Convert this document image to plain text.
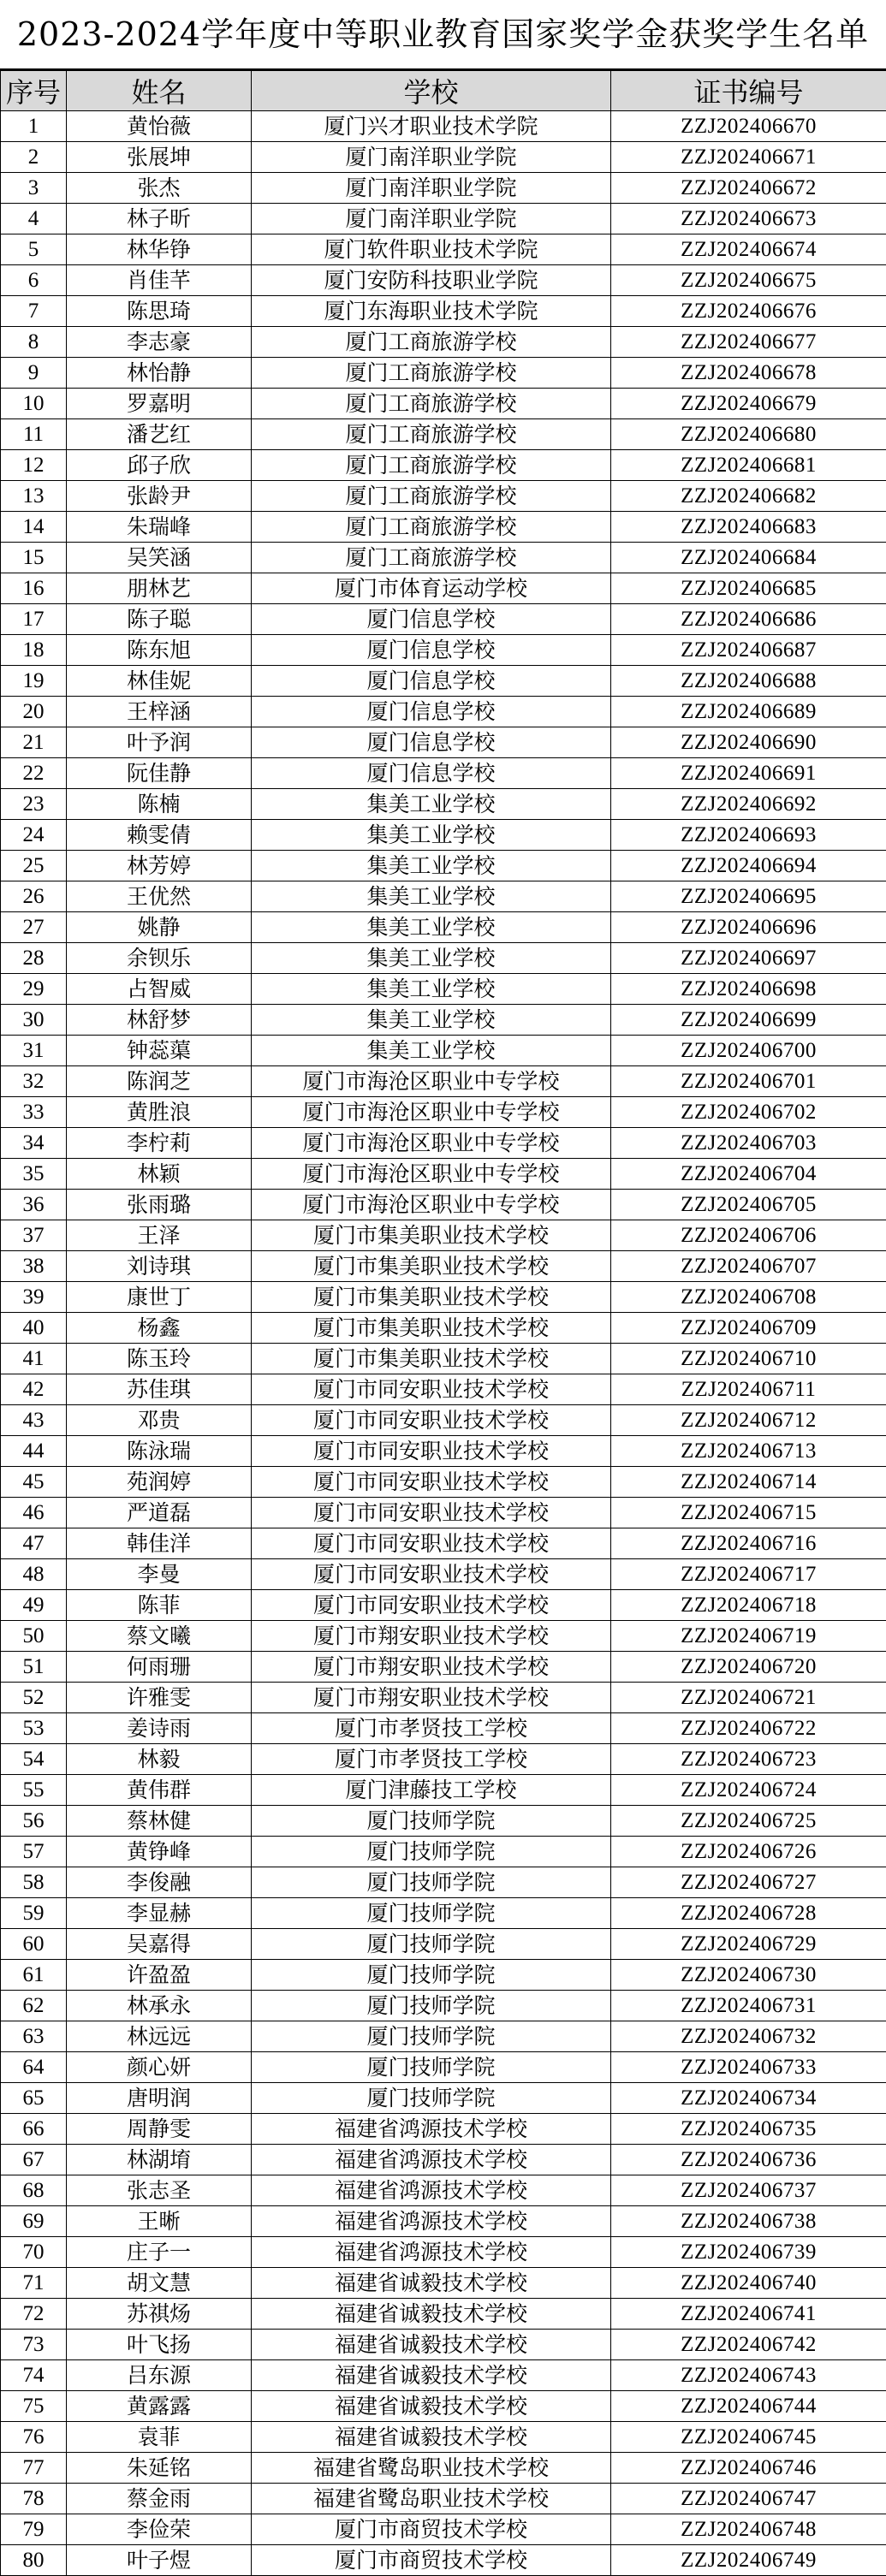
2023-2024学年度中等职业教育国家奖学金获奖学生名单
序号	姓名	学校	证书编号
1	黄怡薇	厦门兴才职业技术学院	ZZJ202406670
2	张展坤	厦门南洋职业学院	ZZJ202406671
3	张杰	厦门南洋职业学院	ZZJ202406672
4	林子昕	厦门南洋职业学院	ZZJ202406673
5	林华铮	厦门软件职业技术学院	ZZJ202406674
6	肖佳芊	厦门安防科技职业学院	ZZJ202406675
7	陈思琦	厦门东海职业技术学院	ZZJ202406676
8	李志豪	厦门工商旅游学校	ZZJ202406677
9	林怡静	厦门工商旅游学校	ZZJ202406678
10	罗嘉明	厦门工商旅游学校	ZZJ202406679
11	潘艺红	厦门工商旅游学校	ZZJ202406680
12	邱子欣	厦门工商旅游学校	ZZJ202406681
13	张龄尹	厦门工商旅游学校	ZZJ202406682
14	朱瑞峰	厦门工商旅游学校	ZZJ202406683
15	吴笑涵	厦门工商旅游学校	ZZJ202406684
16	朋林艺	厦门市体育运动学校	ZZJ202406685
17	陈子聪	厦门信息学校	ZZJ202406686
18	陈东旭	厦门信息学校	ZZJ202406687
19	林佳妮	厦门信息学校	ZZJ202406688
20	王梓涵	厦门信息学校	ZZJ202406689
21	叶予润	厦门信息学校	ZZJ202406690
22	阮佳静	厦门信息学校	ZZJ202406691
23	陈楠	集美工业学校	ZZJ202406692
24	赖雯倩	集美工业学校	ZZJ202406693
25	林芳婷	集美工业学校	ZZJ202406694
26	王优然	集美工业学校	ZZJ202406695
27	姚静	集美工业学校	ZZJ202406696
28	余钡乐	集美工业学校	ZZJ202406697
29	占智威	集美工业学校	ZZJ202406698
30	林舒梦	集美工业学校	ZZJ202406699
31	钟蕊蕖	集美工业学校	ZZJ202406700
32	陈润芝	厦门市海沧区职业中专学校	ZZJ202406701
33	黄胜浪	厦门市海沧区职业中专学校	ZZJ202406702
34	李柠莉	厦门市海沧区职业中专学校	ZZJ202406703
35	林颖	厦门市海沧区职业中专学校	ZZJ202406704
36	张雨璐	厦门市海沧区职业中专学校	ZZJ202406705
37	王泽	厦门市集美职业技术学校	ZZJ202406706
38	刘诗琪	厦门市集美职业技术学校	ZZJ202406707
39	康世丁	厦门市集美职业技术学校	ZZJ202406708
40	杨鑫	厦门市集美职业技术学校	ZZJ202406709
41	陈玉玲	厦门市集美职业技术学校	ZZJ202406710
42	苏佳琪	厦门市同安职业技术学校	ZZJ202406711
43	邓贵	厦门市同安职业技术学校	ZZJ202406712
44	陈泳瑞	厦门市同安职业技术学校	ZZJ202406713
45	苑润婷	厦门市同安职业技术学校	ZZJ202406714
46	严道磊	厦门市同安职业技术学校	ZZJ202406715
47	韩佳洋	厦门市同安职业技术学校	ZZJ202406716
48	李曼	厦门市同安职业技术学校	ZZJ202406717
49	陈菲	厦门市同安职业技术学校	ZZJ202406718
50	蔡文曦	厦门市翔安职业技术学校	ZZJ202406719
51	何雨珊	厦门市翔安职业技术学校	ZZJ202406720
52	许雅雯	厦门市翔安职业技术学校	ZZJ202406721
53	姜诗雨	厦门市孝贤技工学校	ZZJ202406722
54	林毅	厦门市孝贤技工学校	ZZJ202406723
55	黄伟群	厦门津藤技工学校	ZZJ202406724
56	蔡林健	厦门技师学院	ZZJ202406725
57	黄铮峰	厦门技师学院	ZZJ202406726
58	李俊融	厦门技师学院	ZZJ202406727
59	李显赫	厦门技师学院	ZZJ202406728
60	吴嘉得	厦门技师学院	ZZJ202406729
61	许盈盈	厦门技师学院	ZZJ202406730
62	林承永	厦门技师学院	ZZJ202406731
63	林远远	厦门技师学院	ZZJ202406732
64	颜心妍	厦门技师学院	ZZJ202406733
65	唐明润	厦门技师学院	ZZJ202406734
66	周静雯	福建省鸿源技术学校	ZZJ202406735
67	林湖堉	福建省鸿源技术学校	ZZJ202406736
68	张志圣	福建省鸿源技术学校	ZZJ202406737
69	王晰	福建省鸿源技术学校	ZZJ202406738
70	庄子一	福建省鸿源技术学校	ZZJ202406739
71	胡文慧	福建省诚毅技术学校	ZZJ202406740
72	苏祺炀	福建省诚毅技术学校	ZZJ202406741
73	叶飞扬	福建省诚毅技术学校	ZZJ202406742
74	吕东源	福建省诚毅技术学校	ZZJ202406743
75	黄露露	福建省诚毅技术学校	ZZJ202406744
76	袁菲	福建省诚毅技术学校	ZZJ202406745
77	朱延铭	福建省鹭岛职业技术学校	ZZJ202406746
78	蔡金雨	福建省鹭岛职业技术学校	ZZJ202406747
79	李俭荣	厦门市商贸技术学校	ZZJ202406748
80	叶子煜	厦门市商贸技术学校	ZZJ202406749
